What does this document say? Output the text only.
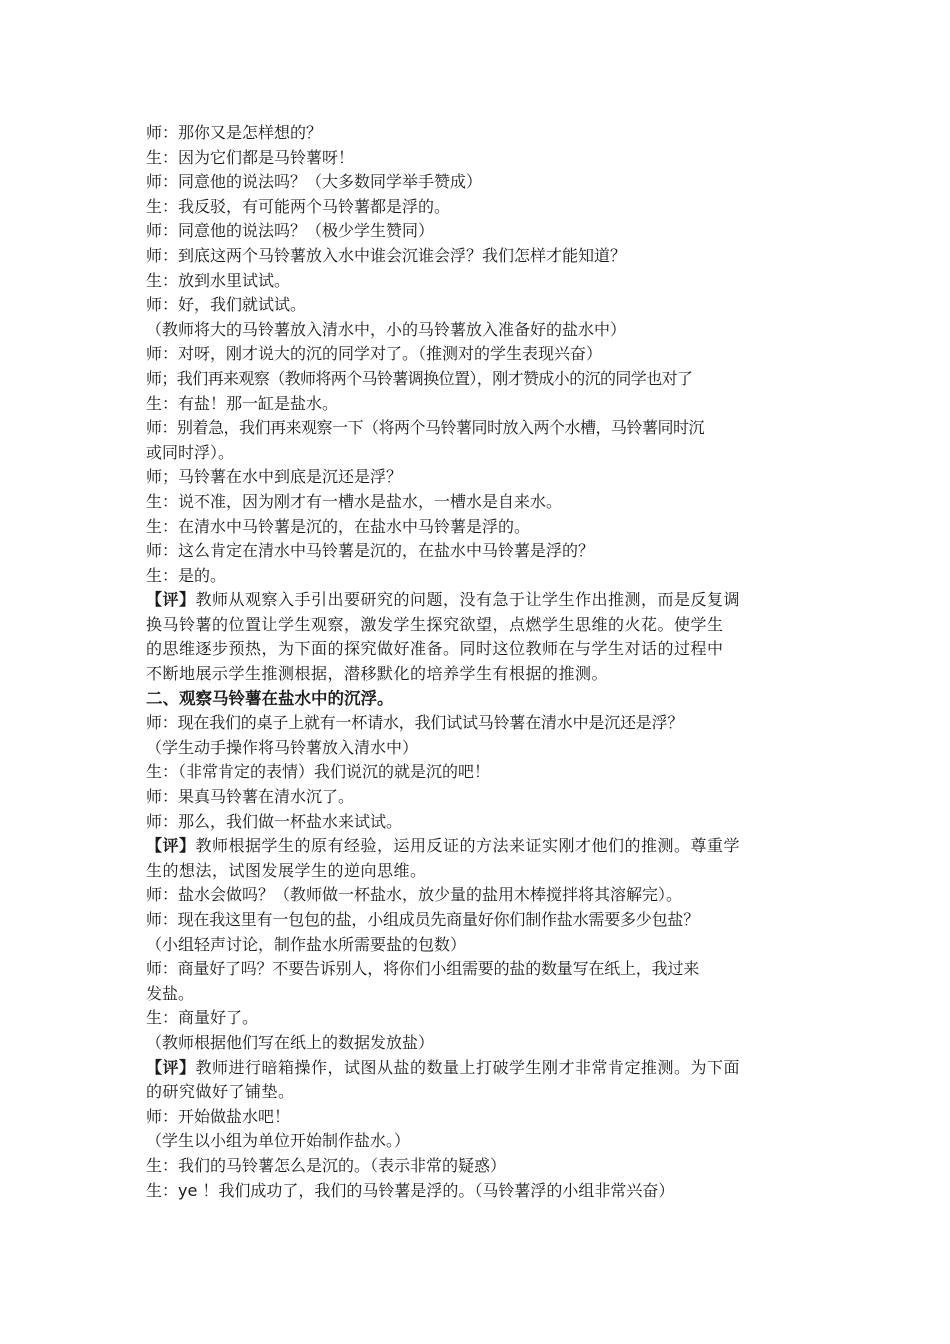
师：那你又是怎样想的？
生：因为它们都是马铃薯呀！
师：同意他的说法吗？（大多数同学举手赞成）
生：我反驳，有可能两个马铃薯都是浮的。
师：同意他的说法吗？（极少学生赞同）
师：到底这两个马铃薯放入水中谁会沉谁会浮？我们怎样才能知道？
生：放到水里试试。
师：好，我们就试试。
（教师将大的马铃薯放入清水中，小的马铃薯放入准备好的盐水中）
师：对呀，刚才说大的沉的同学对了。（推测对的学生表现兴奋）
师；我们再来观察（教师将两个马铃薯调换位置），刚才赞成小的沉的同学也对了
生：有盐！那一缸是盐水。
师：别着急，我们再来观察一下（将两个马铃薯同时放入两个水槽，马铃薯同时沉
或同时浮）。
师；马铃薯在水中到底是沉还是浮？
生：说不准，因为刚才有一槽水是盐水，一槽水是自来水。
生：在清水中马铃薯是沉的，在盐水中马铃薯是浮的。
师：这么肯定在清水中马铃薯是沉的，在盐水中马铃薯是浮的？
生：是的。
【评】教师从观察入手引出要研究的问题，没有急于让学生作出推测，而是反复调
换马铃薯的位置让学生观察，激发学生探究欲望，点燃学生思维的火花。使学生
的思维逐步预热，为下面的探究做好准备。同时这位教师在与学生对话的过程中
不断地展示学生推测根据，潜移默化的培养学生有根据的推测。
二、观察马铃薯在盐水中的沉浮。
师：现在我们的桌子上就有一杯请水，我们试试马铃薯在清水中是沉还是浮？
（学生动手操作将马铃薯放入清水中）
生：（非常肯定的表情）我们说沉的就是沉的吧！
师：果真马铃薯在清水沉了。
师：那么，我们做一杯盐水来试试。
【评】教师根据学生的原有经验，运用反证的方法来证实刚才他们的推测。尊重学
生的想法，试图发展学生的逆向思维。
师：盐水会做吗？（教师做一杯盐水，放少量的盐用木棒搅拌将其溶解完）。
师：现在我这里有一包包的盐，小组成员先商量好你们制作盐水需要多少包盐？
（小组轻声讨论，制作盐水所需要盐的包数）
师：商量好了吗？不要告诉别人，将你们小组需要的盐的数量写在纸上，我过来
发盐。
生：商量好了。
（教师根据他们写在纸上的数据发放盐）
【评】教师进行暗箱操作，试图从盐的数量上打破学生刚才非常肯定推测。为下面
的研究做好了铺垫。
师：开始做盐水吧！
（学生以小组为单位开始制作盐水。）
生：我们的马铃薯怎么是沉的。（表示非常的疑惑）
生：ye ！我们成功了，我们的马铃薯是浮的。（马铃薯浮的小组非常兴奋）
